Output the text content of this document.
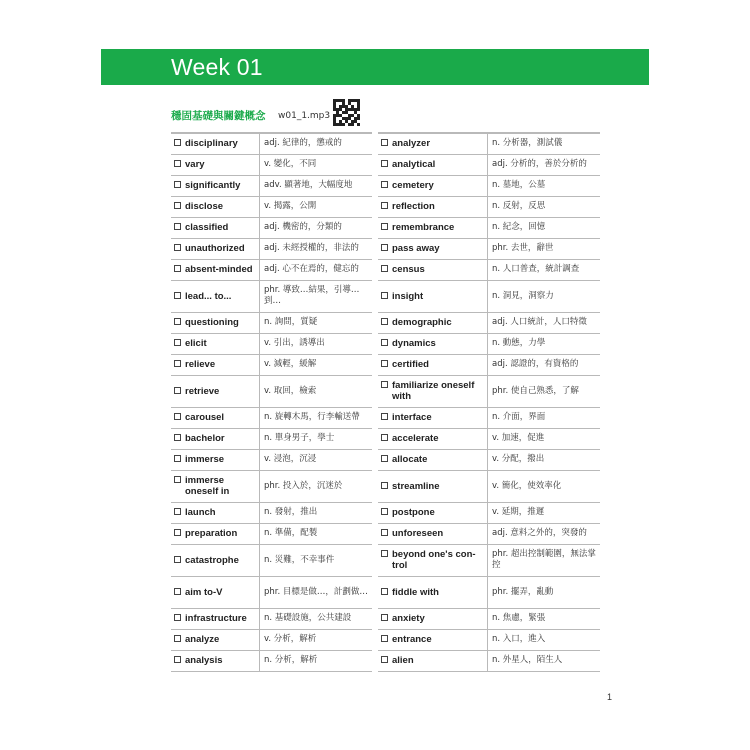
Week 01
穩固基礎與關鍵概念 w01_1.mp3
disciplinary	adj. 紀律的，懲戒的

vary	v. 變化，不同

significantly	adv. 顯著地，大幅度地

disclose	v. 揭露，公開

classified	adj. 機密的，分類的

unauthorized	adj. 未經授權的，非法的

absent-minded	adj. 心不在焉的，健忘的

lead... to...	phr. 導致…結果，引導…到…

questioning	n. 詢問，質疑

elicit	v. 引出，誘導出

relieve	v. 減輕，緩解

retrieve	v. 取回，檢索

carousel	n. 旋轉木馬，行李輸送帶

bachelor	n. 單身男子，學士

immerse	v. 浸泡，沉浸

immerse oneself in	phr. 投入於，沉迷於

launch	n. 發射，推出

preparation	n. 準備，配製

catastrophe	n. 災難，不幸事件

aim to-V	phr. 目標是做…，計劃做…

infrastructure	n. 基礎設施，公共建設

analyze	v. 分析，解析

analysis	n. 分析，解析
analyzer	n. 分析器，測試儀

analytical	adj. 分析的，善於分析的

cemetery	n. 墓地，公墓

reflection	n. 反射，反思

remembrance	n. 紀念，回憶

pass away	phr. 去世，辭世

census	n. 人口普查，統計調查

insight	n. 洞見，洞察力

demographic	adj. 人口統計，人口特徵

dynamics	n. 動態，力學

certified	adj. 認證的，有資格的

familiarize oneself with	phr. 使自己熟悉，了解

interface	n. 介面，界面

accelerate	v. 加速，促進

allocate	v. 分配，撥出

streamline	v. 簡化，使效率化

postpone	v. 延期，推遲

unforeseen	adj. 意料之外的，突發的

beyond one's con-trol	phr. 超出控制範圍，無法掌控

fiddle with	phr. 擺弄，亂動

anxiety	n. 焦慮，緊張

entrance	n. 入口，進入

alien	n. 外星人，陌生人
1
